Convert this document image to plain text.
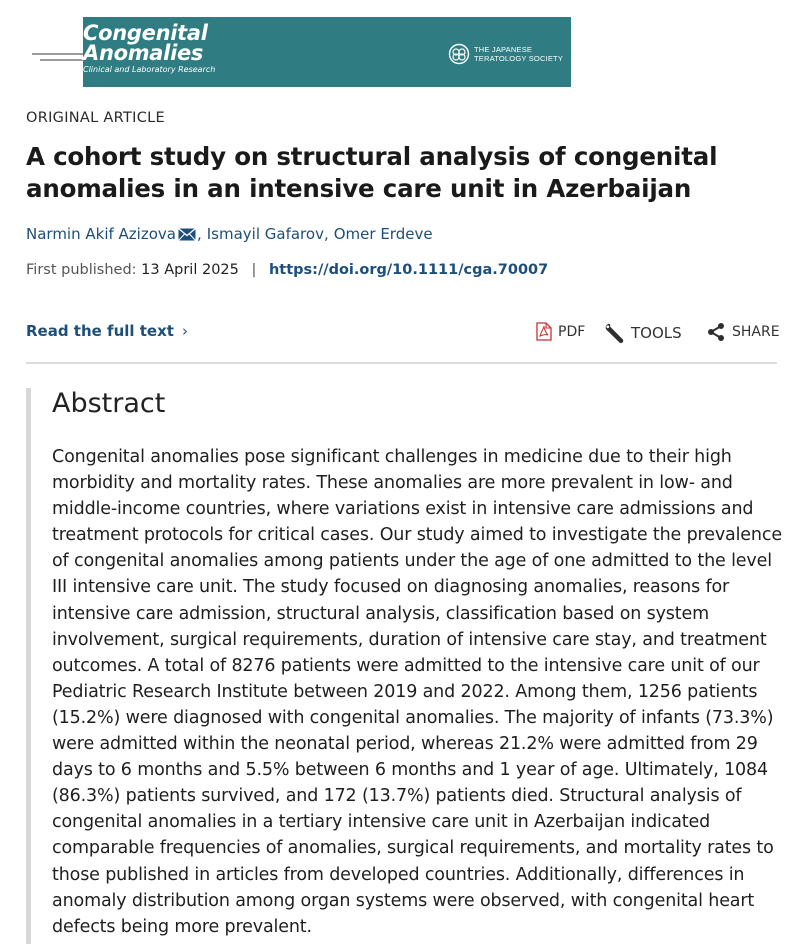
Congenital
Anomalies
Clinical and Laboratory Research
THE JAPANESE
TERATOLOGY SOCIETY
ORIGINAL ARTICLE
A cohort study on structural analysis of congenital anomalies in an intensive care unit in Azerbaijan
Narmin Akif Azizova , Ismayil Gafarov , Omer Erdeve
First published: 13 April 2025 | https://doi.org/10.1111/cga.70007
Read the full text ›	PDF	TOOLS	SHARE
Abstract

Congenital anomalies pose significant challenges in medicine due to their high morbidity and mortality rates. These anomalies are more prevalent in low- and middle-income countries, where variations exist in intensive care admissions and treatment protocols for critical cases. Our study aimed to investigate the prevalence of congenital anomalies among patients under the age of one admitted to the level III intensive care unit. The study focused on diagnosing anomalies, reasons for intensive care admission, structural analysis, classification based on system involvement, surgical requirements, duration of intensive care stay, and treatment outcomes. A total of 8276 patients were admitted to the intensive care unit of our Pediatric Research Institute between 2019 and 2022. Among them, 1256 patients (15.2%) were diagnosed with congenital anomalies. The majority of infants (73.3%) were admitted within the neonatal period, whereas 21.2% were admitted from 29 days to 6 months and 5.5% between 6 months and 1 year of age. Ultimately, 1084 (86.3%) patients survived, and 172 (13.7%) patients died. Structural analysis of congenital anomalies in a tertiary intensive care unit in Azerbaijan indicated comparable frequencies of anomalies, surgical requirements, and mortality rates to those published in articles from developed countries. Additionally, differences in anomaly distribution among organ systems were observed, with congenital heart defects being more prevalent.
